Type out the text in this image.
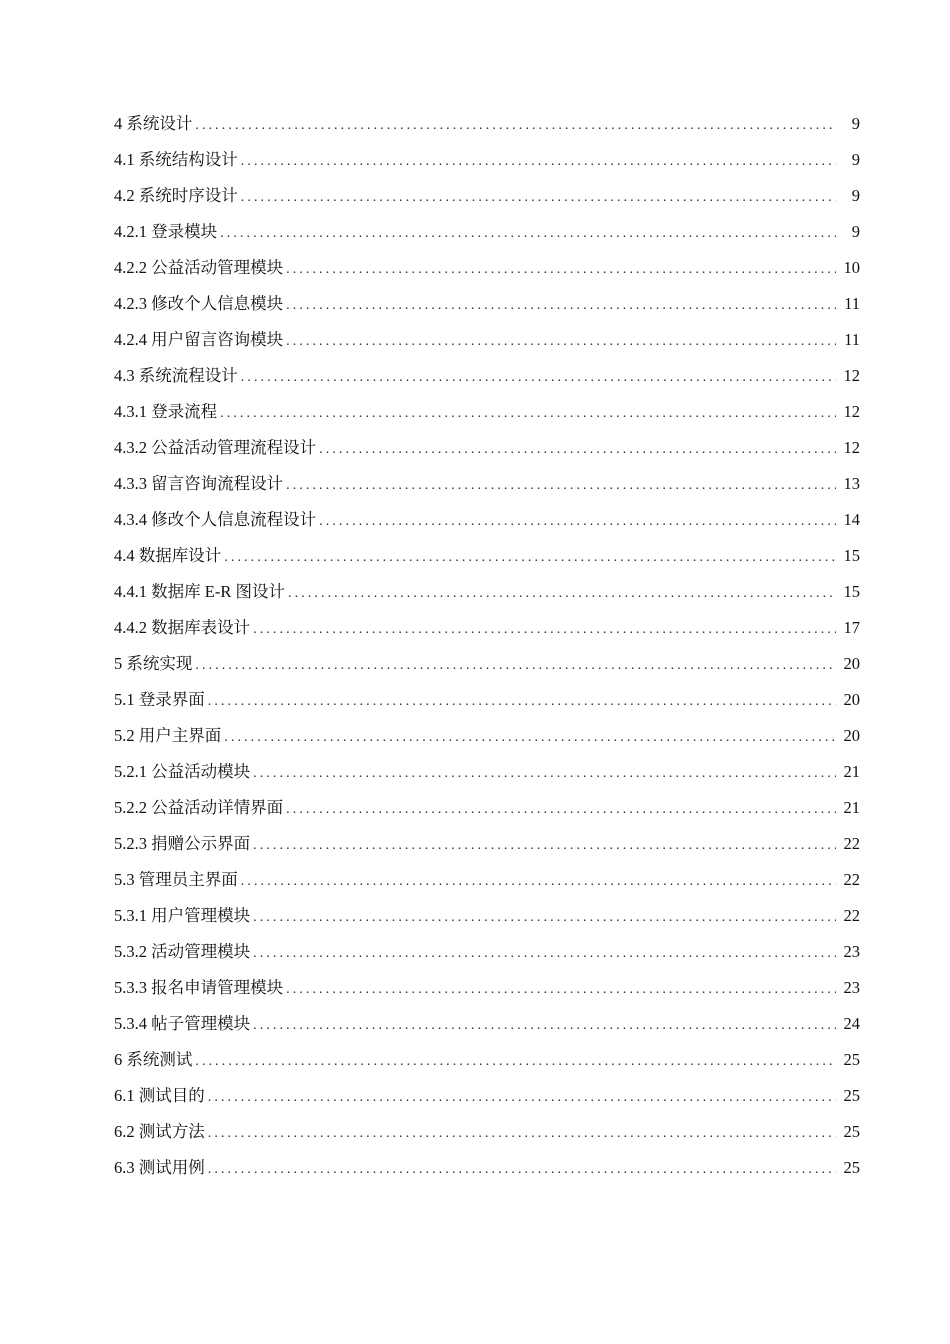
4 系统设计 .....	9
4.1 系统结构设计 .....	9
4.2 系统时序设计 .....	9
4.2.1 登录模块 .....	9
4.2.2 公益活动管理模块 .....	10
4.2.3 修改个人信息模块 .....	11
4.2.4 用户留言咨询模块 .....	11
4.3 系统流程设计 .....	12
4.3.1 登录流程 .....	12
4.3.2 公益活动管理流程设计 .....	12
4.3.3 留言咨询流程设计 .....	13
4.3.4 修改个人信息流程设计 .....	14
4.4 数据库设计 .....	15
4.4.1 数据库 E-R 图设计 .....	15
4.4.2 数据库表设计 .....	17
5 系统实现 .....	20
5.1 登录界面 .....	20
5.2 用户主界面 .....	20
5.2.1 公益活动模块 .....	21
5.2.2 公益活动详情界面 .....	21
5.2.3 捐赠公示界面 .....	22
5.3 管理员主界面 .....	22
5.3.1 用户管理模块 .....	22
5.3.2 活动管理模块 .....	23
5.3.3 报名申请管理模块 .....	23
5.3.4 帖子管理模块 .....	24
6 系统测试 .....	25
6.1 测试目的 .....	25
6.2 测试方法 .....	25
6.3 测试用例 .....	25
